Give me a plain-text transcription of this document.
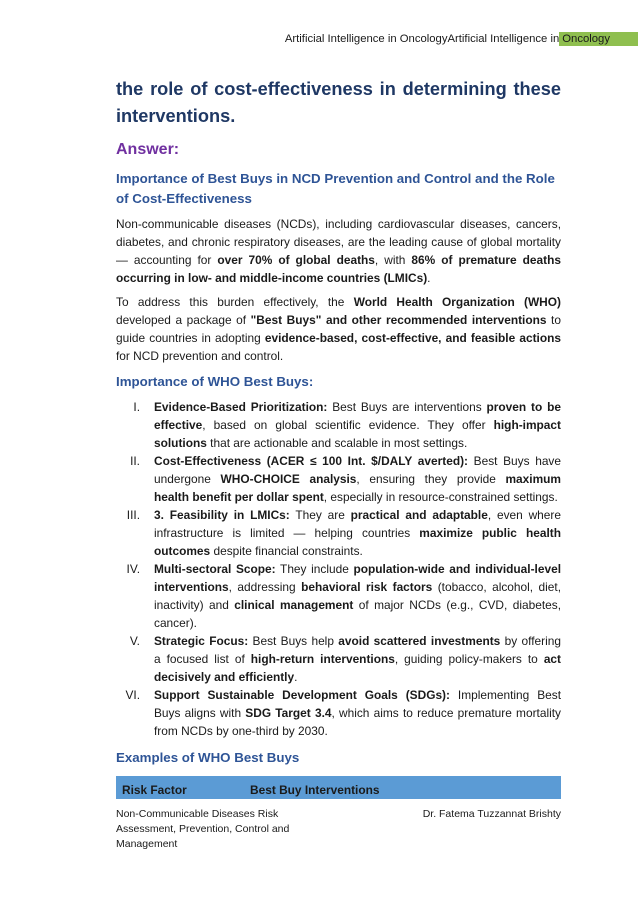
Artificial Intelligence in OncologyArtificial Intelligence in Oncology
the role of cost-effectiveness in determining these interventions.
Answer:
Importance of Best Buys in NCD Prevention and Control and the Role of Cost-Effectiveness

Non-communicable diseases (NCDs), including cardiovascular diseases, cancers, diabetes, and chronic respiratory diseases, are the leading cause of global mortality — accounting for over 70% of global deaths, with 86% of premature deaths occurring in low- and middle-income countries (LMICs).

To address this burden effectively, the World Health Organization (WHO) developed a package of "Best Buys" and other recommended interventions to guide countries in adopting evidence-based, cost-effective, and feasible actions for NCD prevention and control.

Importance of WHO Best Buys:
I.	Evidence-Based Prioritization: Best Buys are interventions proven to be effective, based on global scientific evidence. They offer high-impact solutions that are actionable and scalable in most settings.
II.	Cost-Effectiveness (ACER ≤ 100 Int. $/DALY averted): Best Buys have undergone WHO-CHOICE analysis, ensuring they provide maximum health benefit per dollar spent, especially in resource-constrained settings.
III.	3. Feasibility in LMICs: They are practical and adaptable, even where infrastructure is limited — helping countries maximize public health outcomes despite financial constraints.
IV.	Multi-sectoral Scope: They include population-wide and individual-level interventions, addressing behavioral risk factors (tobacco, alcohol, diet, inactivity) and clinical management of major NCDs (e.g., CVD, diabetes, cancer).
V.	Strategic Focus: Best Buys help avoid scattered investments by offering a focused list of high-return interventions, guiding policy-makers to act decisively and efficiently.
VI.	Support Sustainable Development Goals (SDGs): Implementing Best Buys aligns with SDG Target 3.4, which aims to reduce premature mortality from NCDs by one-third by 2030.
Examples of WHO Best Buys
Risk Factor	Best Buy Interventions
Non-Communicable Diseases Risk Assessment, Prevention, Control and Management
Dr. Fatema Tuzzannat Brishty
